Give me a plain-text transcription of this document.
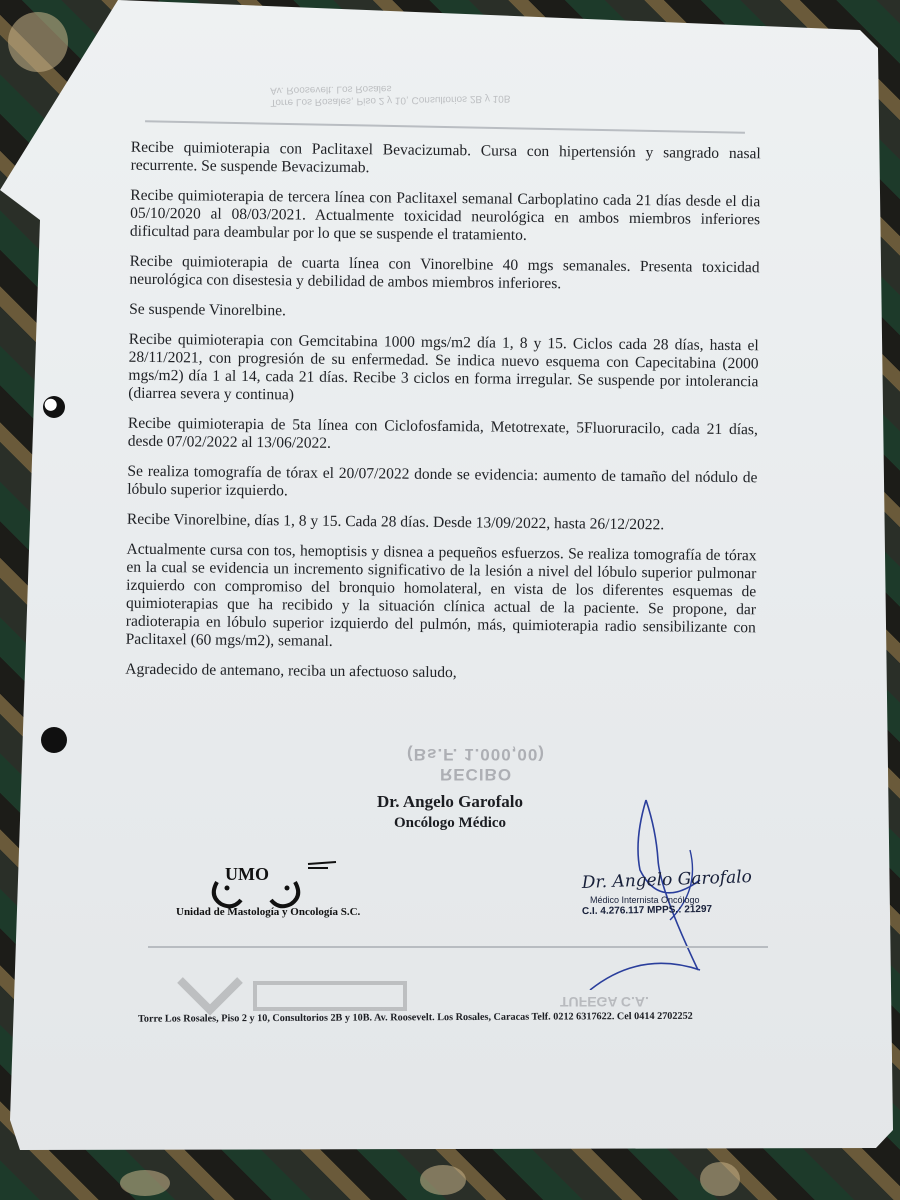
Torre Los Rosales, Piso 2 y 10, Consultorios 2B y 10B
Av. Roosevelt. Los Rosales

Recibe quimioterapia con Paclitaxel Bevacizumab. Cursa con hipertensión y sangrado nasal recurrente. Se suspende Bevacizumab.

Recibe quimioterapia de tercera línea con Paclitaxel semanal Carboplatino cada 21 días desde el dia 05/10/2020 al 08/03/2021. Actualmente toxicidad neurológica en ambos miembros inferiores dificultad para deambular por lo que se suspende el tratamiento.

Recibe quimioterapia de cuarta línea con Vinorelbine 40 mgs semanales. Presenta toxicidad neurológica con disestesia y debilidad de ambos miembros inferiores.

Se suspende Vinorelbine.

Recibe quimioterapia con Gemcitabina 1000 mgs/m2 día 1, 8 y 15. Ciclos cada 28 días, hasta el 28/11/2021, con progresión de su enfermedad. Se indica nuevo esquema con Capecitabina (2000 mgs/m2) día 1 al 14, cada 21 días. Recibe 3 ciclos en forma irregular. Se suspende por intolerancia (diarrea severa y continua)

Recibe quimioterapia de 5ta línea con Ciclofosfamida, Metotrexate, 5Fluoruracilo, cada 21 días, desde 07/02/2022 al 13/06/2022.

Se realiza tomografía de tórax el 20/07/2022 donde se evidencia: aumento de tamaño del nódulo de lóbulo superior izquierdo.

Recibe Vinorelbine, días 1, 8 y 15. Cada 28 días. Desde 13/09/2022, hasta 26/12/2022.

Actualmente cursa con tos, hemoptisis y disnea a pequeños esfuerzos. Se realiza tomografía de tórax en la cual se evidencia un incremento significativo de la lesión a nivel del lóbulo superior pulmonar izquierdo con compromiso del bronquio homolateral, en vista de los diferentes esquemas de quimioterapias que ha recibido y la situación clínica actual de la paciente. Se propone, dar radioterapia en lóbulo superior izquierdo del pulmón, más, quimioterapia radio sensibilizante con Paclitaxel (60 mgs/m2), semanal.

Agradecido de antemano, reciba un afectuoso saludo,

RECIBO
(Bs.F. 1.000,00)
Dr. Angelo Garofalo
Oncólogo Médico
UMO
Unidad de Mastología y Oncología S.C.
Dr. Angelo Garofalo
Médico Internista Oncólogo
C.I. 4.276.117 MPPS.: 21297
TUFEGA C.A.
Torre Los Rosales, Piso 2 y 10, Consultorios 2B y 10B. Av. Roosevelt. Los Rosales, Caracas Telf. 0212 6317622. Cel 0414 2702252
